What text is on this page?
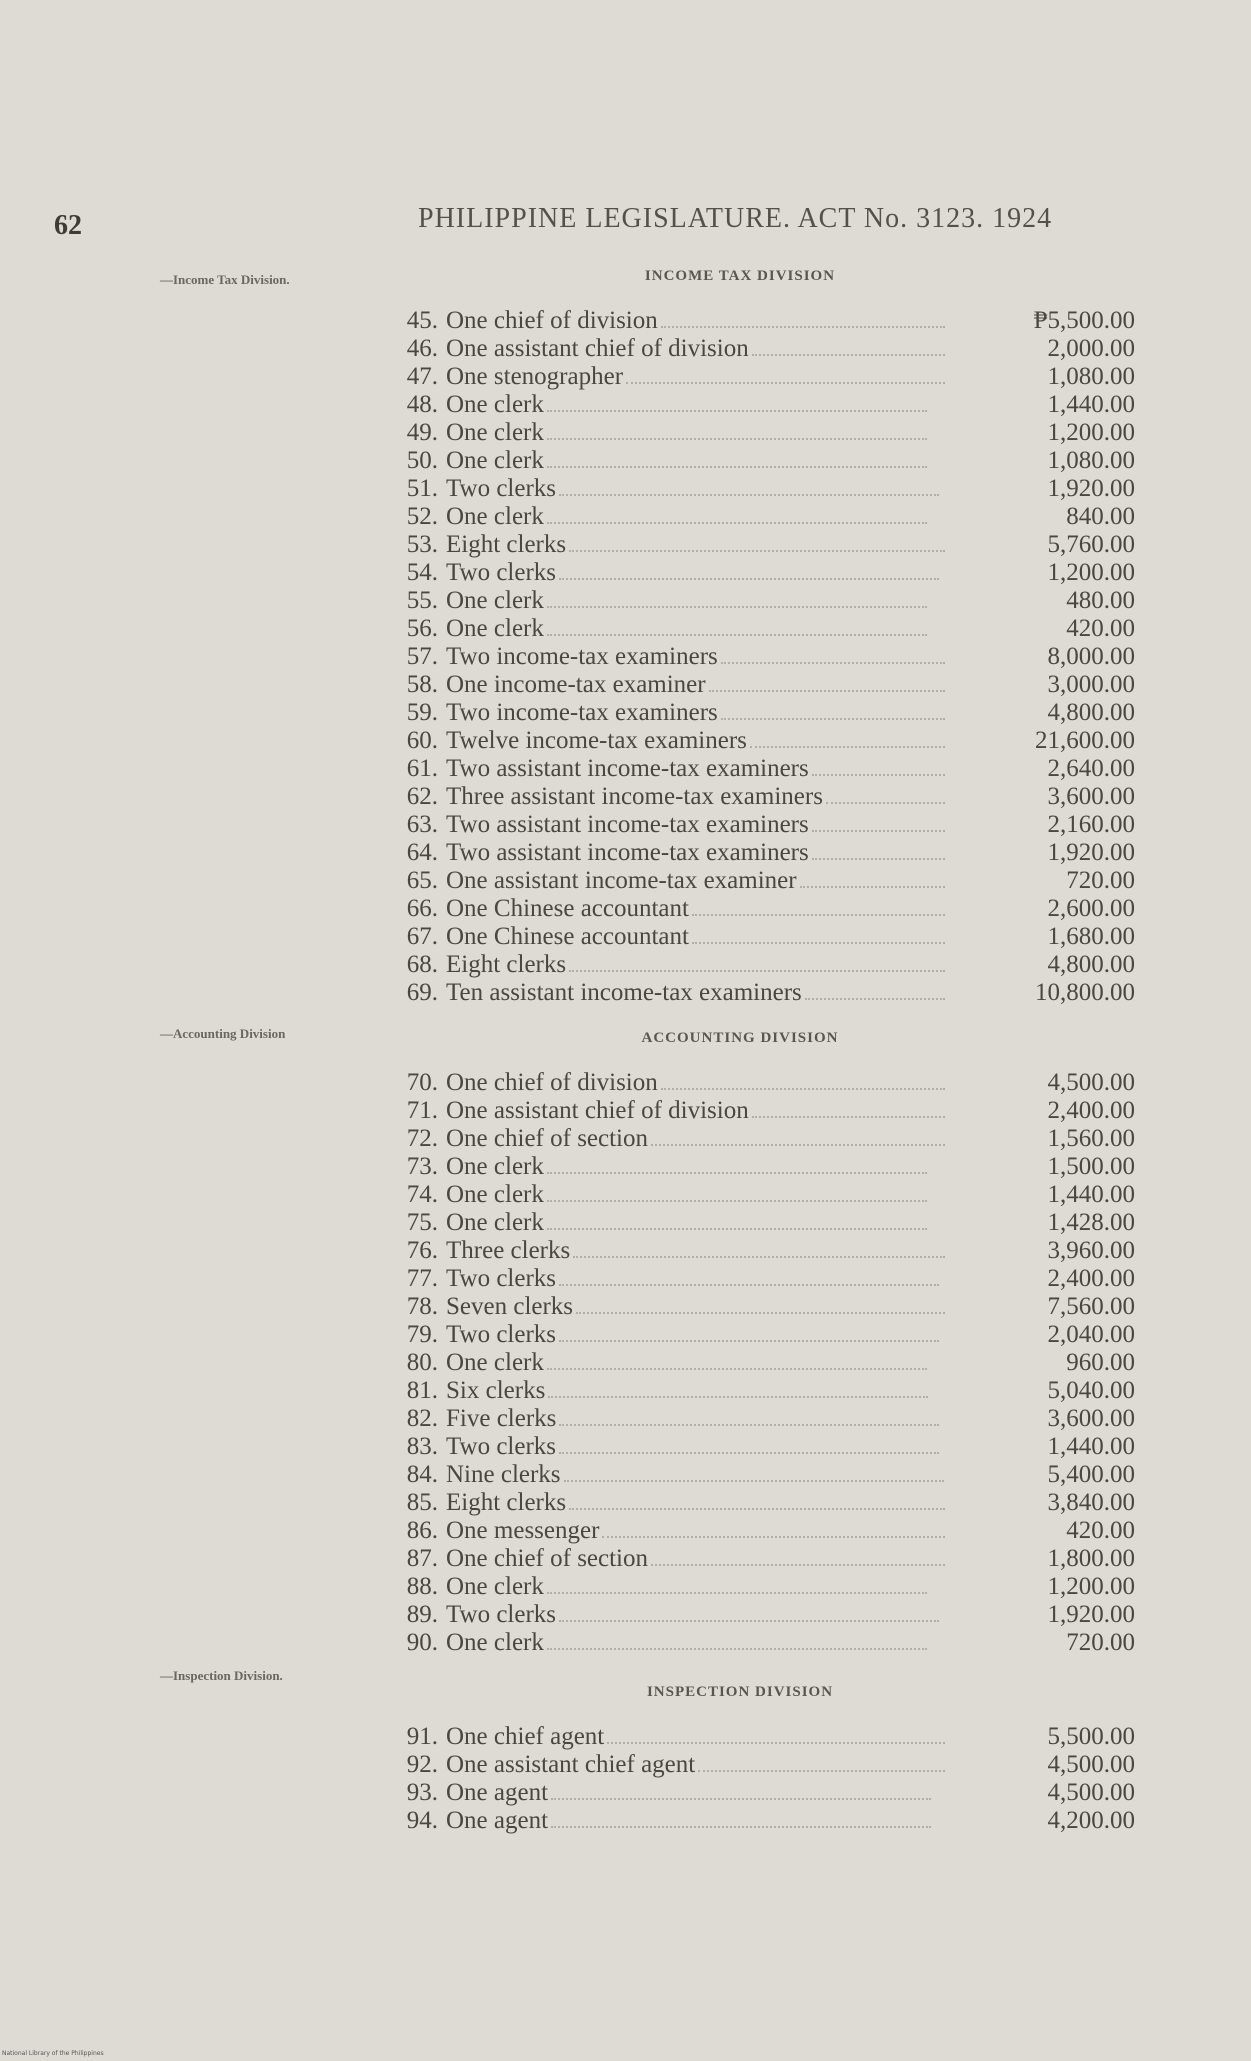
62	PHILIPPINE LEGISLATURE. ACT No. 3123. 1924
—Income Tax Division.	INCOME TAX DIVISION
45. One chief of division	₱5,500.00
46. One assistant chief of division	2,000.00
47. One stenographer	1,080.00
48. One clerk	1,440.00
49. One clerk	1,200.00
50. One clerk	1,080.00
51. Two clerks	1,920.00
52. One clerk	840.00
53. Eight clerks	5,760.00
54. Two clerks	1,200.00
55. One clerk	480.00
56. One clerk	420.00
57. Two income-tax examiners	8,000.00
58. One income-tax examiner	3,000.00
59. Two income-tax examiners	4,800.00
60. Twelve income-tax examiners	21,600.00
61. Two assistant income-tax examiners	2,640.00
62. Three assistant income-tax examiners	3,600.00
63. Two assistant income-tax examiners	2,160.00
64. Two assistant income-tax examiners	1,920.00
65. One assistant income-tax examiner	720.00
66. One Chinese accountant	2,600.00
67. One Chinese accountant	1,680.00
68. Eight clerks	4,800.00
69. Ten assistant income-tax examiners	10,800.00
—Accounting Division	ACCOUNTING DIVISION
70. One chief of division	4,500.00
71. One assistant chief of division	2,400.00
72. One chief of section	1,560.00
73. One clerk	1,500.00
74. One clerk	1,440.00
75. One clerk	1,428.00
76. Three clerks	3,960.00
77. Two clerks	2,400.00
78. Seven clerks	7,560.00
79. Two clerks	2,040.00
80. One clerk	960.00
81. Six clerks	5,040.00
82. Five clerks	3,600.00
83. Two clerks	1,440.00
84. Nine clerks	5,400.00
85. Eight clerks	3,840.00
86. One messenger	420.00
87. One chief of section	1,800.00
88. One clerk	1,200.00
89. Two clerks	1,920.00
90. One clerk	720.00
—Inspection Division.
INSPECTION DIVISION
91. One chief agent	5,500.00
92. One assistant chief agent	4,500.00
93. One agent	4,500.00
94. One agent	4,200.00
National Library of the Philippines
